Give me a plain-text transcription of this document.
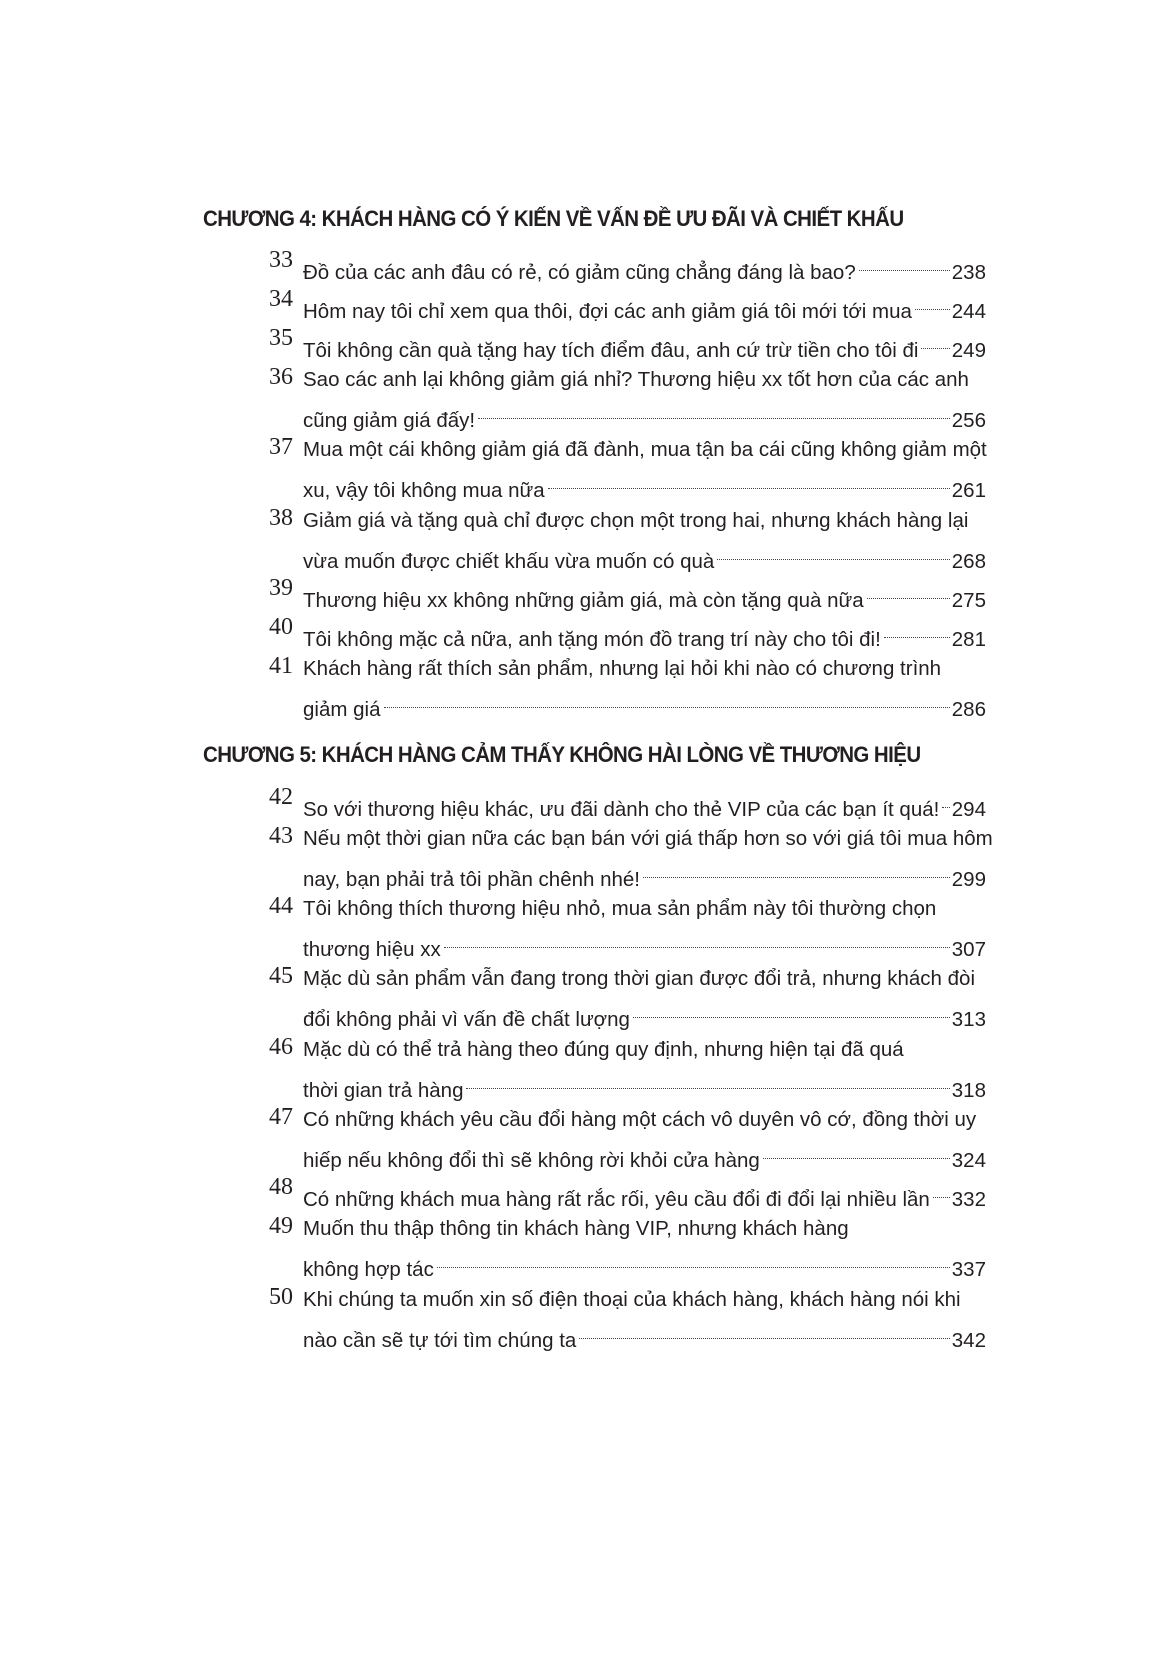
CHƯƠNG 4: KHÁCH HÀNG CÓ Ý KIẾN VỀ VẤN ĐỀ ƯU ĐÃI VÀ CHIẾT KHẤU
33 Đồ của các anh đâu có rẻ, có giảm cũng chẳng đáng là bao?	238
34 Hôm nay tôi chỉ xem qua thôi, đợi các anh giảm giá tôi mới tới mua 244
35 Tôi không cần quà tặng hay tích điểm đâu, anh cứ trừ tiền cho tôi đi 249
36 Sao các anh lại không giảm giá nhỉ? Thương hiệu xx tốt hơn của các anh
cũng giảm giá đấy!	256
37 Mua một cái không giảm giá đã đành, mua tận ba cái cũng không giảm một
xu, vậy tôi không mua nữa	261
38 Giảm giá và tặng quà chỉ được chọn một trong hai, nhưng khách hàng lại
vừa muốn được chiết khấu vừa muốn có quà	268
39 Thương hiệu xx không những giảm giá, mà còn tặng quà nữa	275
40 Tôi không mặc cả nữa, anh tặng món đồ trang trí này cho tôi đi!	281
41 Khách hàng rất thích sản phẩm, nhưng lại hỏi khi nào có chương trình
giảm giá	286
CHƯƠNG 5: KHÁCH HÀNG CẢM THẤY KHÔNG HÀI LÒNG VỀ THƯƠNG HIỆU
42 So với thương hiệu khác, ưu đãi dành cho thẻ VIP của các bạn ít quá! 294
43 Nếu một thời gian nữa các bạn bán với giá thấp hơn so với giá tôi mua hôm
nay, bạn phải trả tôi phần chênh nhé!	299
44 Tôi không thích thương hiệu nhỏ, mua sản phẩm này tôi thường chọn
thương hiệu xx	307
45 Mặc dù sản phẩm vẫn đang trong thời gian được đổi trả, nhưng khách đòi
đổi không phải vì vấn đề chất lượng	313
46 Mặc dù có thể trả hàng theo đúng quy định, nhưng hiện tại đã quá
thời gian trả hàng	318
47 Có những khách yêu cầu đổi hàng một cách vô duyên vô cớ, đồng thời uy
hiếp nếu không đổi thì sẽ không rời khỏi cửa hàng	324
48 Có những khách mua hàng rất rắc rối, yêu cầu đổi đi đổi lại nhiều lần 332
49 Muốn thu thập thông tin khách hàng VIP, nhưng khách hàng
không hợp tác	337
50 Khi chúng ta muốn xin số điện thoại của khách hàng, khách hàng nói khi
nào cần sẽ tự tới tìm chúng ta	342
